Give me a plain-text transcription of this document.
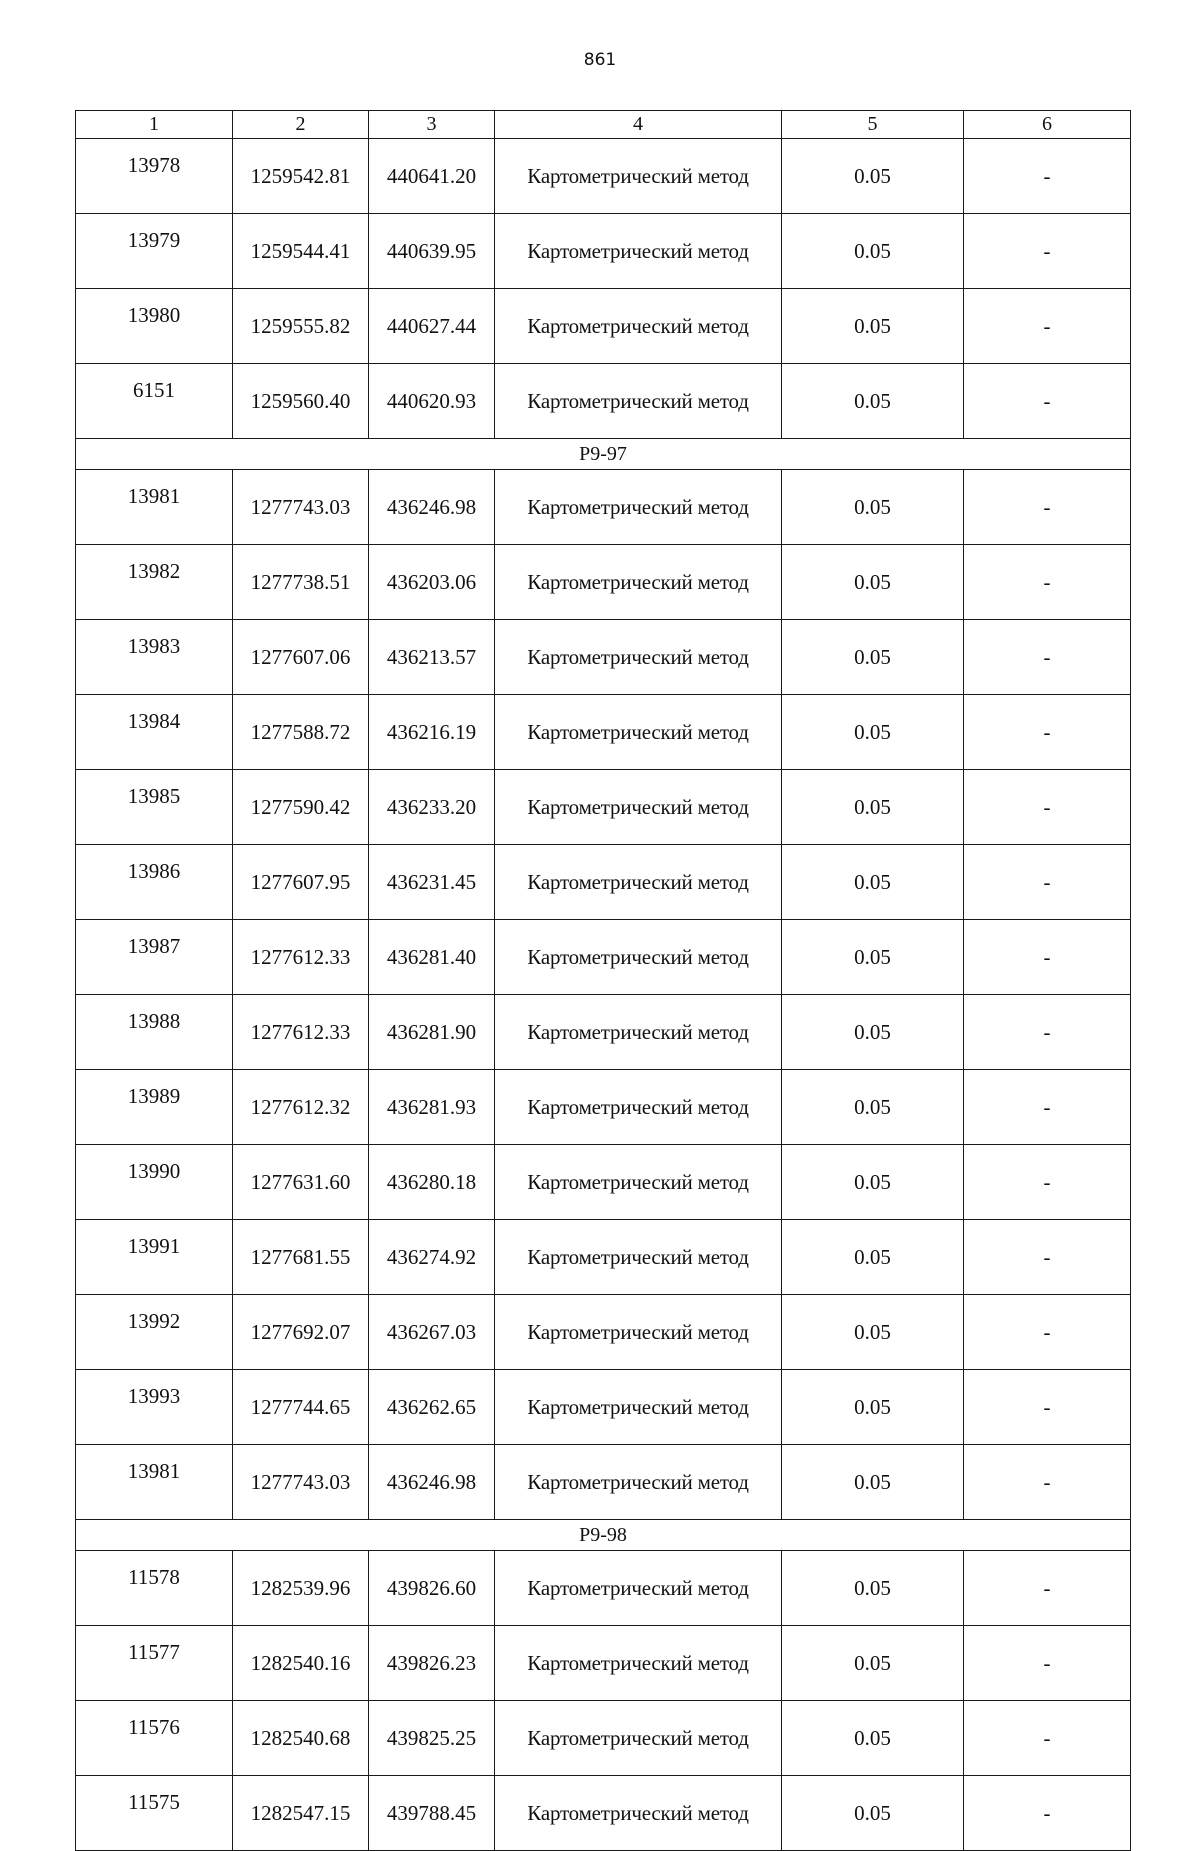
861
1	2	3	4	5	6
13978	1259542.81	440641.20	Картометрический метод	0.05	-
13979	1259544.41	440639.95	Картометрический метод	0.05	-
13980	1259555.82	440627.44	Картометрический метод	0.05	-
6151	1259560.40	440620.93	Картометрический метод	0.05	-
Р9-97					
13981	1277743.03	436246.98	Картометрический метод	0.05	-
13982	1277738.51	436203.06	Картометрический метод	0.05	-
13983	1277607.06	436213.57	Картометрический метод	0.05	-
13984	1277588.72	436216.19	Картометрический метод	0.05	-
13985	1277590.42	436233.20	Картометрический метод	0.05	-
13986	1277607.95	436231.45	Картометрический метод	0.05	-
13987	1277612.33	436281.40	Картометрический метод	0.05	-
13988	1277612.33	436281.90	Картометрический метод	0.05	-
13989	1277612.32	436281.93	Картометрический метод	0.05	-
13990	1277631.60	436280.18	Картометрический метод	0.05	-
13991	1277681.55	436274.92	Картометрический метод	0.05	-
13992	1277692.07	436267.03	Картометрический метод	0.05	-
13993	1277744.65	436262.65	Картометрический метод	0.05	-
13981	1277743.03	436246.98	Картометрический метод	0.05	-
Р9-98					
11578	1282539.96	439826.60	Картометрический метод	0.05	-
11577	1282540.16	439826.23	Картометрический метод	0.05	-
11576	1282540.68	439825.25	Картометрический метод	0.05	-
11575	1282547.15	439788.45	Картометрический метод	0.05	-
